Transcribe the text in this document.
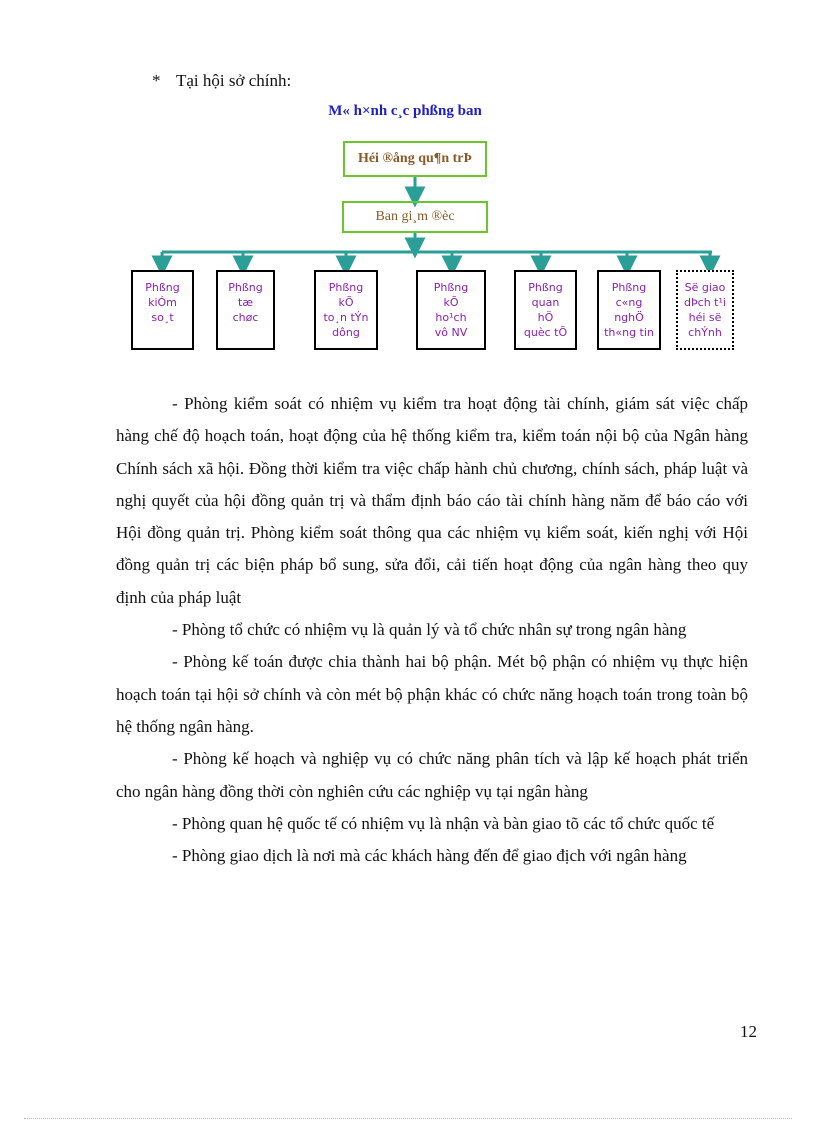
* Tại hội sở chính:
M« h×nh c¸c phßng ban
Héi ®ång qu¶n trÞ
Ban gi¸m ®èc
Phßng
kiÓm
so¸t
Phßng
tæ
chøc
Phßng
kÕ
to¸n tÝn
dông
Phßng
kÕ
ho¹ch
vô NV
Phßng
quan
hÖ
quèc tÕ
Phßng
c«ng
nghÖ
th«ng tin
Së giao
dÞch t¹i
héi së
chÝnh

- Phòng kiểm soát có nhiệm vụ kiểm tra hoạt động tài chính, giám sát việc chấp hàng chế độ hoạch toán, hoạt động của hệ thống kiểm tra, kiểm toán nội bộ của Ngân hàng Chính sách xã hội. Đồng thời kiểm tra việc chấp hành chủ chương, chính sách, pháp luật và nghị quyết của hội đồng quản trị và thẩm định báo cáo tài chính hàng năm để báo cáo với Hội đồng quản trị. Phòng kiểm soát thông qua các nhiệm vụ kiểm soát, kiến nghị với Hội đồng quản trị các biện pháp bổ sung, sửa đổi, cải tiến hoạt động của ngân hàng theo quy định của pháp luật

- Phòng tổ chức có nhiệm vụ là quản lý và tổ chức nhân sự trong ngân hàng

- Phòng kế toán được chia thành hai bộ phận. Mét bộ phận có nhiệm vụ thực hiện hoạch toán tại hội sở chính và còn mét bộ phận khác có chức năng hoạch toán trong toàn bộ hệ thống ngân hàng.

- Phòng kế hoạch và nghiệp vụ có chức năng phân tích và lập kế hoạch phát triển cho ngân hàng đồng thời còn nghiên cứu các nghiệp vụ tại ngân hàng

- Phòng quan hệ quốc tế có nhiệm vụ là nhận và bàn giao tõ các tổ chức quốc tế

- Phòng giao dịch là nơi mà các khách hàng đến để giao địch với ngân hàng

12
